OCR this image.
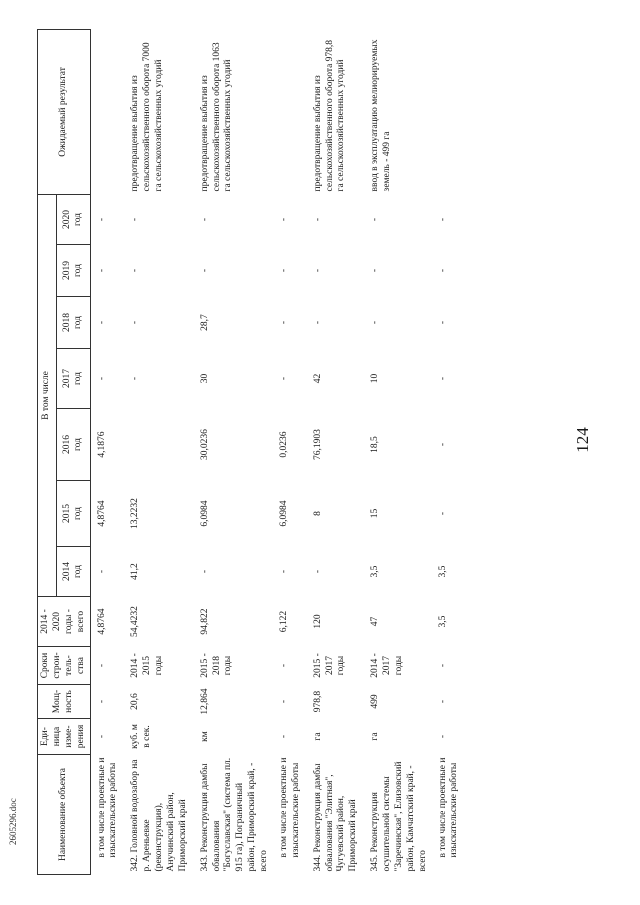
124
Наименование объекта	Еди-
ница
изме-
рения	Мощ-
ность	Сроки
строи-
тель-
ства	2014 - 2020
годы -
всего	В том числе							Ожидаемый результат
					2014
год	2015
год	2016
год	2017
год	2018
год	2019
год	2020
год	

в том числе проектные и изыскательские работы	-	-	-	4,8764	-	4,8764	4,1876	-	-	-	-	
342. Головной водозабор на р. Ареньевке (реконструкция), Анучинский район, Приморский край	куб. м в сек.	20,6	2014 - 2015 годы	54,4232	41,2	13,2232		-	-	-	-	предотвращение выбытия из сельскохозяйственного оборота 7000 га сельскохозяйственных угодий
343. Реконструкция дамбы обвалования "Богуславская" (система пл. 915 га), Пограничный район, Приморский край, - всего	км	12,864	2015 - 2018 годы	94,822	-	6,0984	30,0236	30	28,7	-	-	предотвращение выбытия из сельскохозяйственного оборота 1063 га сельскохозяйственных угодий

в том числе проектные и изыскательские работы	-	-	-	6,122	-	6,0984	0,0236	-	-	-	-	
344. Реконструкция дамбы обвалования "Элитная", Чугуевский район, Приморский край	га	978,8	2015 - 2017 годы	120	-	8	76,1903	42	-	-	-	предотвращение выбытия из сельскохозяйственного оборота 978,8 га сельскохозяйственных угодий
345. Реконструкция осушительной системы "Заречинская", Елизовский район, Камчатский край, - всего	га	499	2014 - 2017 годы	47	3,5	15	18,5	10	-	-	-	ввод в эксплуатацию мелиорируемых земель - 499 га

в том числе проектные и изыскательские работы	-	-	-	3,5	3,5	-	-	-	-	-	-	
2605296.doc
